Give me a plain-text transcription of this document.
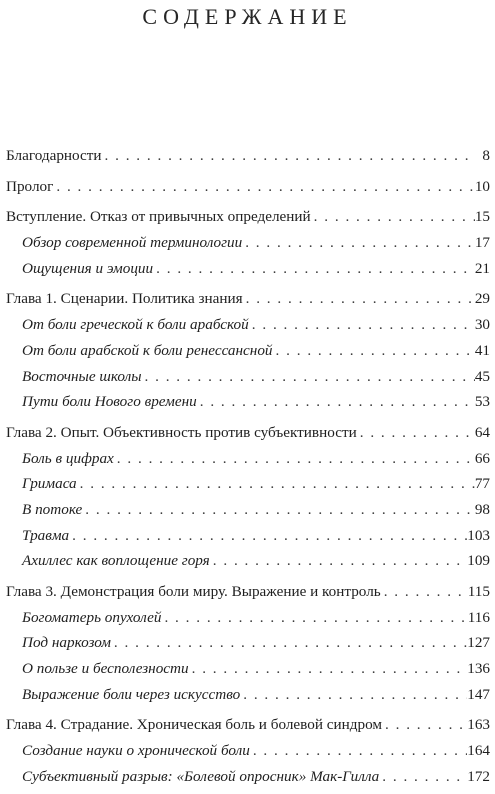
СОДЕРЖАНИЕ
Благодарности . . .	8
Пролог . . .	10
Вступление. Отказ от привычных определений . . .	15
Обзор современной терминологии . . .	17
Ощущения и эмоции . . .	21
Глава 1. Сценарии. Политика знания . . .	29
От боли греческой к боли арабской . . .	30
От боли арабской к боли ренессансной . . .	41
Восточные школы . . .	45
Пути боли Нового времени . . .	53
Глава 2. Опыт. Объективность против субъективности . . .	64
Боль в цифрах . . .	66
Гримаса . . .	77
В потоке . . .	98
Травма . . .	103
Ахиллес как воплощение горя . . .	109
Глава 3. Демонстрация боли миру. Выражение и контроль . . .	115
Богоматерь опухолей . . .	116
Под наркозом . . .	127
О пользе и бесполезности . . .	136
Выражение боли через искусство . . .	147
Глава 4. Страдание. Хроническая боль и болевой синдром . . .	163
Создание науки о хронической боли . . .	164
Субъективный разрыв: «Болевой опросник» Мак-Гилла . . .	172
